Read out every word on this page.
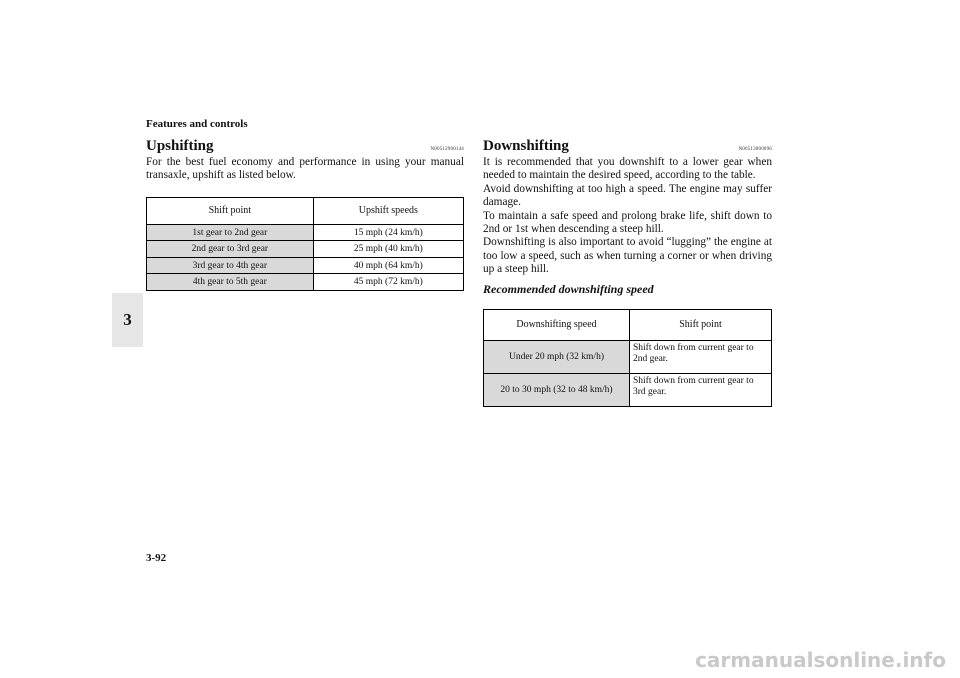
Features and controls
3
Upshifting	N00512900144
For the best fuel economy and performance in using your manual transaxle, upshift as listed below.
Shift point	Upshift speeds
1st gear to 2nd gear	15 mph (24 km/h)
2nd gear to 3rd gear	25 mph (40 km/h)
3rd gear to 4th gear	40 mph (64 km/h)
4th gear to 5th gear	45 mph (72 km/h)
Downshifting	N00513000096

It is recommended that you downshift to a lower gear when needed to maintain the desired speed, according to the table.

Avoid downshifting at too high a speed. The engine may suffer damage.

To maintain a safe speed and prolong brake life, shift down to 2nd or 1st when descending a steep hill.

Downshifting is also important to avoid “lugging” the engine at too low a speed, such as when turning a corner or when driving up a steep hill.

Recommended downshifting speed
Downshifting speed	Shift point
Under 20 mph (32 km/h)	Shift down from current gear to 2nd gear.
20 to 30 mph (32 to 48 km/h)	Shift down from current gear to 3rd gear.
3-92
carmanualsonline.info
